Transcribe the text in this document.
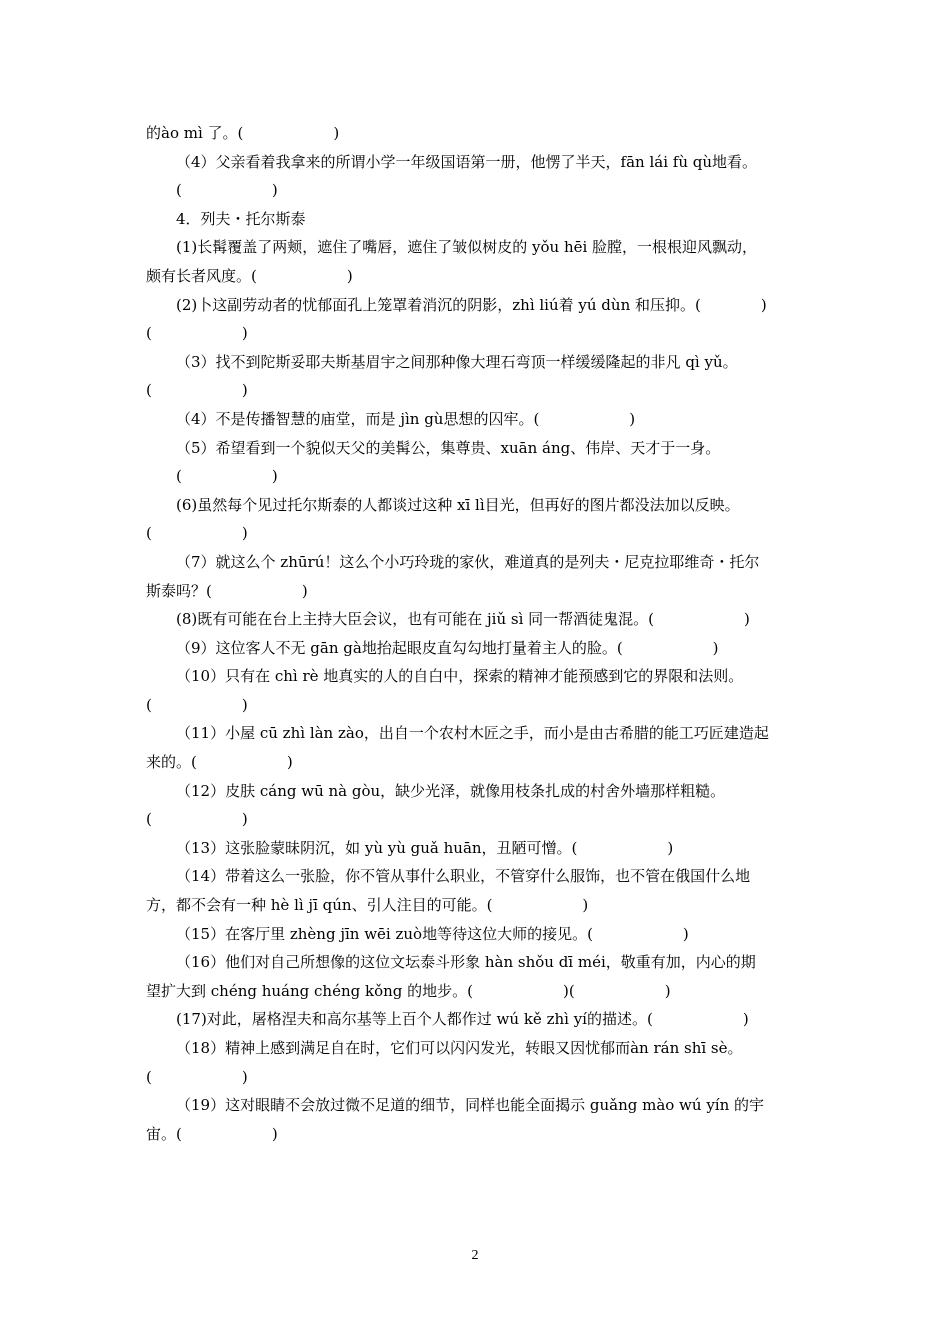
的ào mì 了。(　　　　　　)
（4）父亲看着我拿来的所谓小学一年级国语第一册，他愣了半天，fān lái fù qù地看。
(　　　　　　)
4．列夫・托尔斯泰
(1)长髯覆盖了两颊，遮住了嘴唇，遮住了皱似树皮的 yǒu hēi 脸膛，一根根迎风飘动，
颇有长者风度。(　　　　　　)
(2)卜这副劳动者的忧郁面孔上笼罩着消沉的阴影，zhì liú着 yú dùn 和压抑。(　　　　)
(　　　　　　)
（3）找不到陀斯妥耶夫斯基眉宇之间那种像大理石弯顶一样缓缓隆起的非凡 qì yǔ。
(　　　　　　)
（4）不是传播智慧的庙堂，而是 jìn gù思想的囚牢。(　　　　　　)
（5）希望看到一个貌似天父的美髯公，集尊贵、xuān áng、伟岸、天才于一身。
(　　　　　　)
(6)虽然每个见过托尔斯泰的人都谈过这种 xī lì目光，但再好的图片都没法加以反映。
(　　　　　　)
（7）就这么个 zhūrú！这么个小巧玲珑的家伙，难道真的是列夫・尼克拉耶维奇・托尔
斯泰吗？(　　　　　　)
(8)既有可能在台上主持大臣会议，也有可能在 jiǔ sì 同一帮酒徒鬼混。(　　　　　　)
（9）这位客人不无 gān gà地抬起眼皮直勾勾地打量着主人的脸。(　　　　　　)
（10）只有在 chì rè 地真实的人的自白中，探索的精神才能预感到它的界限和法则。
(　　　　　　)
（11）小屋 cū zhì làn zào，出自一个农村木匠之手，而小是由古希腊的能工巧匠建造起
来的。(　　　　　　)
（12）皮肤 cáng wū nà gòu，缺少光泽，就像用枝条扎成的村舍外墙那样粗糙。
(　　　　　　)
（13）这张脸蒙昧阴沉，如 yù yù guǎ huān，丑陋可憎。(　　　　　　)
（14）带着这么一张脸，你不管从事什么职业，不管穿什么服饰，也不管在俄国什么地
方，都不会有一种 hè lì jī qún、引人注目的可能。(　　　　　　)
（15）在客厅里 zhèng jīn wēi zuò地等待这位大师的接见。(　　　　　　)
（16）他们对自己所想像的这位文坛泰斗形象 hàn shǒu dī méi，敬重有加，内心的期
望扩大到 chéng huáng chéng kǒng 的地步。(　　　　　　)(　　　　　　)
(17)对此，屠格涅夫和高尔基等上百个人都作过 wú kě zhì yí的描述。(　　　　　　)
（18）精神上感到满足自在时，它们可以闪闪发光，转眼又因忧郁而àn rán shī sè。
(　　　　　　)
（19）这对眼睛不会放过微不足道的细节，同样也能全面揭示 guǎng mào wú yín 的宇
宙。(　　　　　　)
2
